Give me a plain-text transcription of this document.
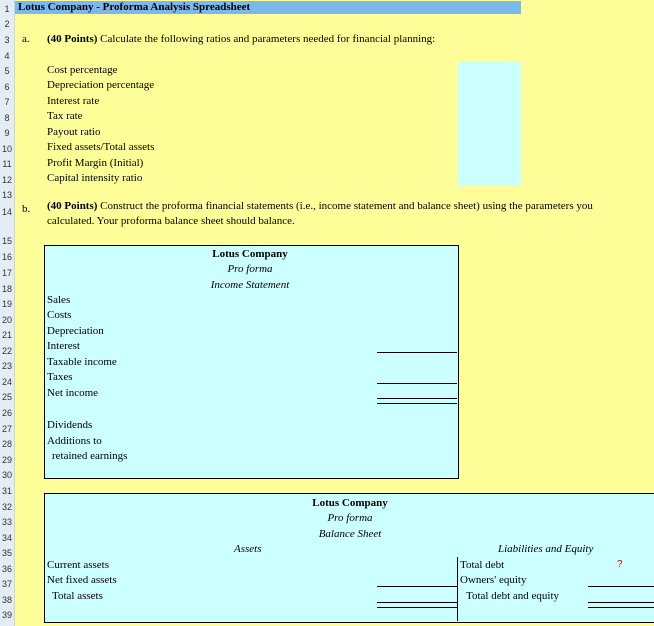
1
2
3
4
5
6
7
8
9
10
11
12
13
14
15
16
17
18
19
20
21
22
23
24
25
26
27
28
29
30
31
32
33
34
35
36
37
38
39
Lotus Company - Proforma Analysis Spreadsheet
a. (40 Points) Calculate the following ratios and parameters needed for financial planning:
Cost percentage
Depreciation percentage
Interest rate
Tax rate
Payout ratio
Fixed assets/Total assets
Profit Margin (Initial)
Capital intensity ratio
b. (40 Points) Construct the proforma financial statements (i.e., income statement and balance sheet) using the parameters you
calculated. Your proforma balance sheet should balance.
Lotus Company
Pro forma
Income Statement
Sales
Costs
Depreciation
Interest
Taxable income
Taxes
Net income
Dividends
Additions to
retained earnings
Lotus Company
Pro forma
Balance Sheet
Assets	Liabilities and Equity
Current assets
Net fixed assets
Total assets
Total debt
Owners' equity
Total debt and equity
?
